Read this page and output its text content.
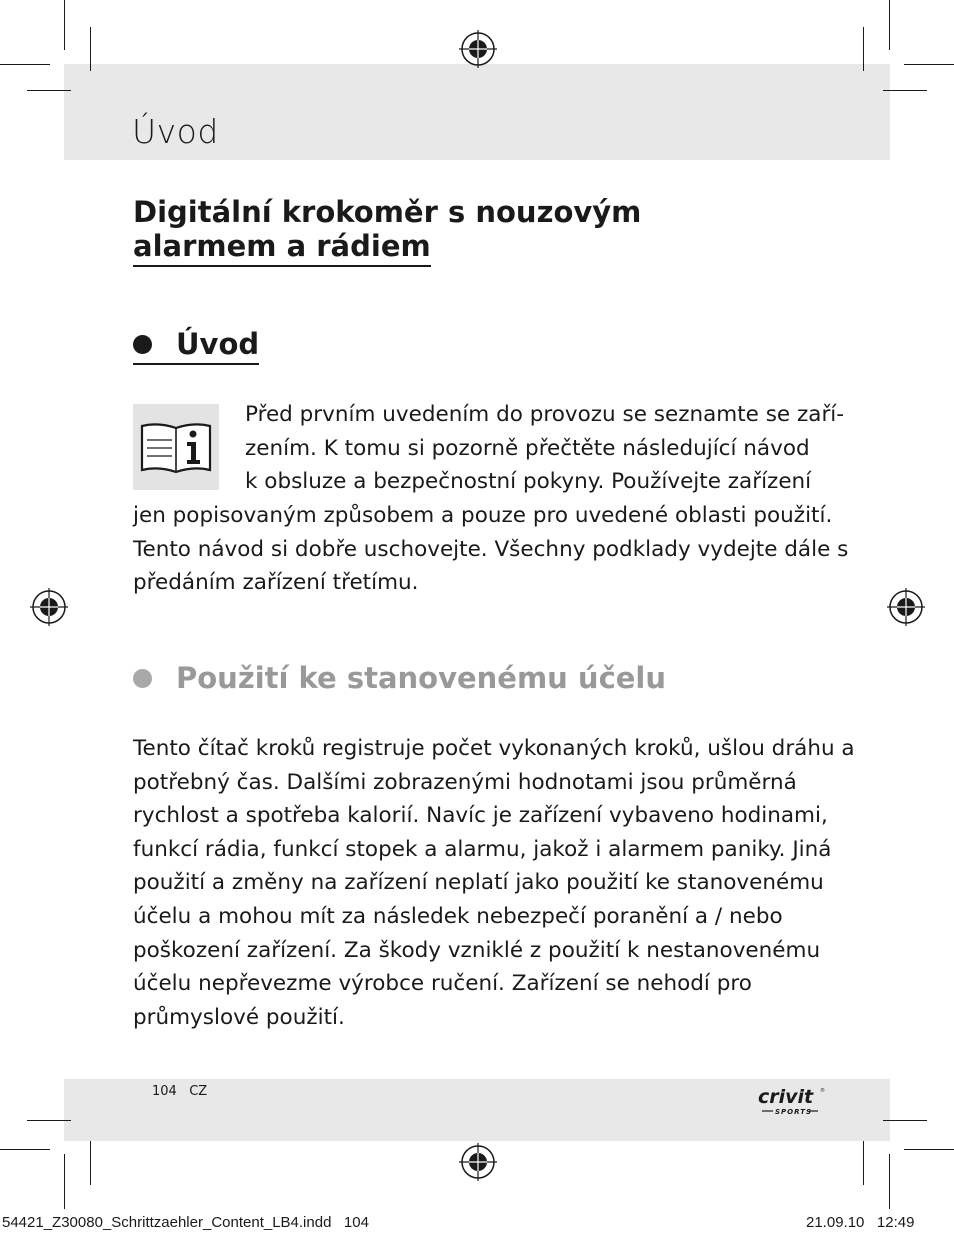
Úvod
Digitální krokoměr s nouzovým
alarmem a rádiem
Úvod
Před prvním uvedením do provozu se seznamte se zaří-
zením. K tomu si pozorně přečtěte následující návod
k obsluze a bezpečnostní pokyny. Používejte zařízení
jen popisovaným způsobem a pouze pro uvedené oblasti použití.
Tento návod si dobře uschovejte. Všechny podklady vydejte dále s
předáním zařízení třetímu.
Použití ke stanovenému účelu
Tento čítač kroků registruje počet vykonaných kroků, ušlou dráhu a
potřebný čas. Dalšími zobrazenými hodnotami jsou průměrná
rychlost a spotřeba kalorií. Navíc je zařízení vybaveno hodinami,
funkcí rádia, funkcí stopek a alarmu, jakož i alarmem paniky. Jiná
použití a změny na zařízení neplatí jako použití ke stanovenému
účelu a mohou mít za následek nebezpečí poranění a / nebo
poškození zařízení. Za škody vzniklé z použití k nestanovenému
účelu nepřevezme výrobce ručení. Zařízení se nehodí pro
průmyslové použití.
104 CZ	crivit ®
SPORTS
54421_Z30080_Schrittzaehler_Content_LB4.indd   104	21.09.10   12:49
